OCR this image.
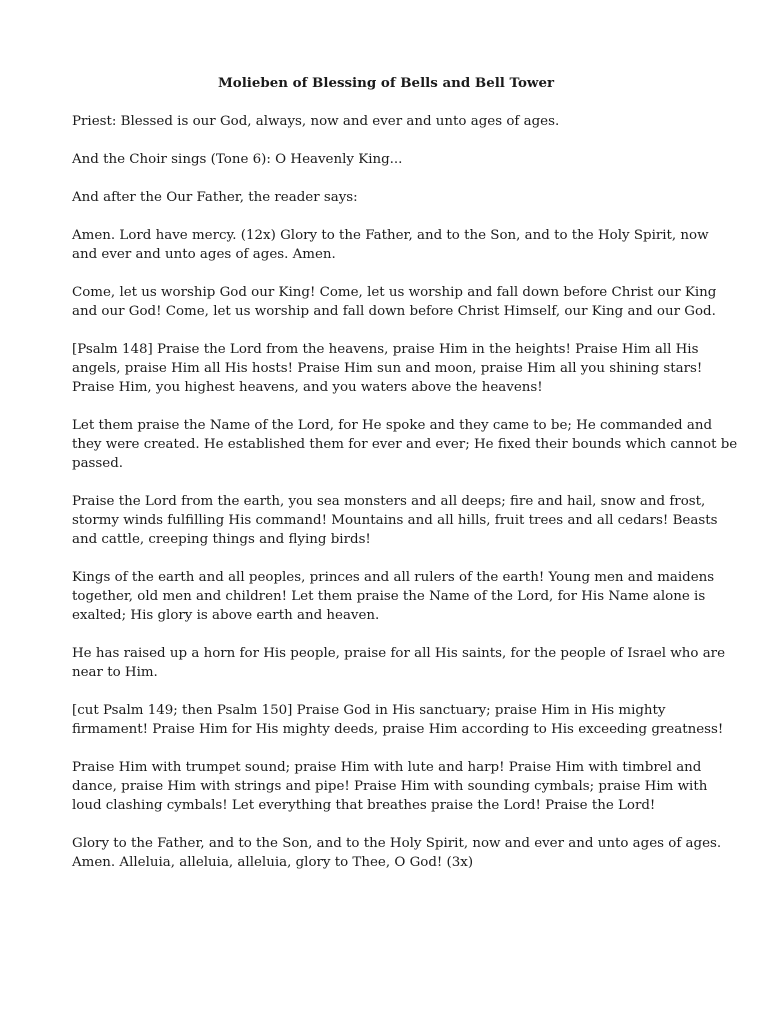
Molieben of Blessing of Bells and Bell Tower

Priest: Blessed is our God, always, now and ever and unto ages of ages.

And the Choir sings (Tone 6): O Heavenly King...

And after the Our Father, the reader says:

Amen. Lord have mercy. (12x) Glory to the Father, and to the Son, and to the Holy Spirit, now
and ever and unto ages of ages. Amen.

Come, let us worship God our King! Come, let us worship and fall down before Christ our King
and our God! Come, let us worship and fall down before Christ Himself, our King and our God.

[Psalm 148] Praise the Lord from the heavens, praise Him in the heights! Praise Him all His
angels, praise Him all His hosts! Praise Him sun and moon, praise Him all you shining stars!
Praise Him, you highest heavens, and you waters above the heavens!

Let them praise the Name of the Lord, for He spoke and they came to be; He commanded and
they were created. He established them for ever and ever; He fixed their bounds which cannot be
passed.

Praise the Lord from the earth, you sea monsters and all deeps; fire and hail, snow and frost,
stormy winds fulfilling His command! Mountains and all hills, fruit trees and all cedars! Beasts
and cattle, creeping things and flying birds!

Kings of the earth and all peoples, princes and all rulers of the earth! Young men and maidens
together, old men and children! Let them praise the Name of the Lord, for His Name alone is
exalted; His glory is above earth and heaven.

He has raised up a horn for His people, praise for all His saints, for the people of Israel who are
near to Him.

[cut Psalm 149; then Psalm 150] Praise God in His sanctuary; praise Him in His mighty
firmament! Praise Him for His mighty deeds, praise Him according to His exceeding greatness!

Praise Him with trumpet sound; praise Him with lute and harp! Praise Him with timbrel and
dance, praise Him with strings and pipe! Praise Him with sounding cymbals; praise Him with
loud clashing cymbals! Let everything that breathes praise the Lord! Praise the Lord!

Glory to the Father, and to the Son, and to the Holy Spirit, now and ever and unto ages of ages.
Amen. Alleluia, alleluia, alleluia, glory to Thee, O God! (3x)
